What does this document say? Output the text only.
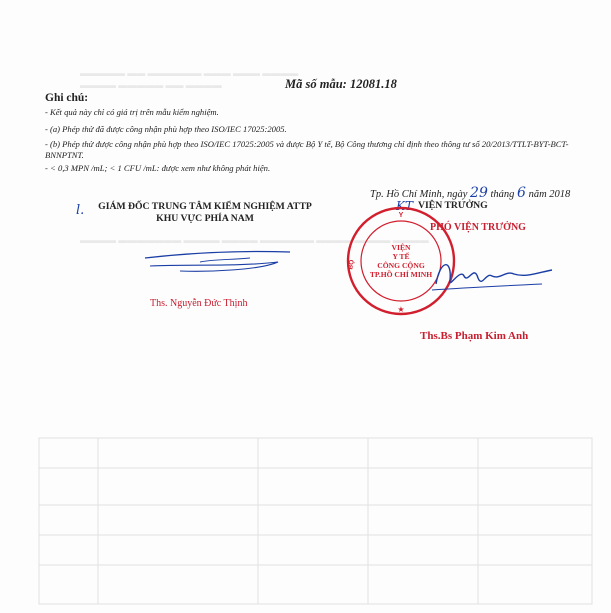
▬▬▬▬▬ ▬▬ ▬▬▬▬▬▬ ▬▬▬ ▬▬▬ ▬▬▬▬
▬▬▬▬ ▬▬▬▬▬ ▬▬ ▬▬▬▬
▬▬▬▬ ▬▬▬▬▬▬▬ ▬▬▬▬ ▬▬▬▬ ▬▬▬▬▬▬ ▬▬▬▬ ▬▬▬▬ ▬▬▬▬
Mã số mẫu: 12081.18
Ghi chú:
- Kết quả này chỉ có giá trị trên mẫu kiểm nghiệm.
- (a) Phép thử đã được công nhận phù hợp theo ISO/IEC 17025:2005.
- (b) Phép thử được công nhận phù hợp theo ISO/IEC 17025:2005 và được Bộ Y tế, Bộ Công thương chỉ định theo thông tư số 20/2013/TTLT-BYT-BCT-BNNPTNT.
- < 0,3 MPN /mL; < 1 CFU /mL: được xem như không phát hiện.
Tp. Hồ Chí Minh, ngày 29 tháng 6 năm 2018
l.	GIÁM ĐỐC TRUNG TÂM KIỂM NGHIỆM ATTP
KHU VỰC PHÍA NAM
Ths. Nguyễn Đức Thịnh
KT. VIỆN TRƯỞNG
PHÓ VIỆN TRƯỞNG
Y
BỘ
★
VIỆN
Y TẾ
CÔNG CỘNG
TP.HỒ CHÍ MINH
Ths.Bs Phạm Kim Anh
